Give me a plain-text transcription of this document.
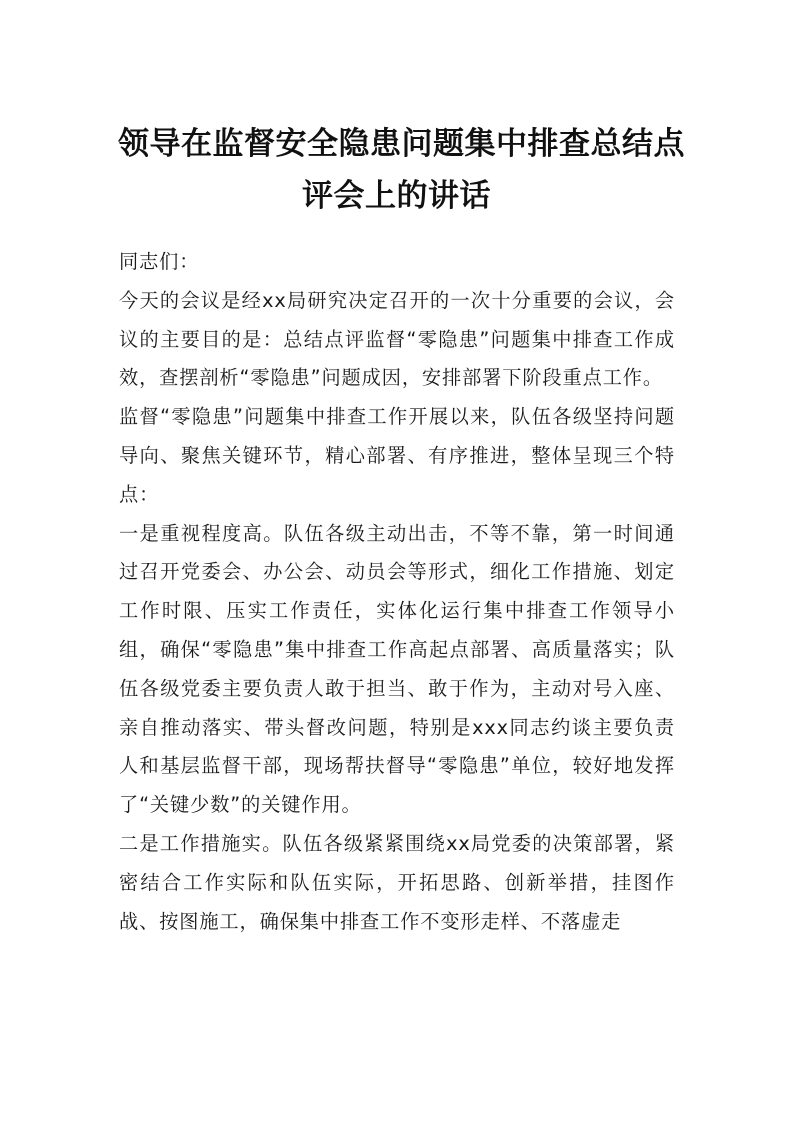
领导在监督安全隐患问题集中排查总结点
评会上的讲话

同志们：

今天的会议是经xx局研究决定召开的一次十分重要的会议，会议的主要目的是：总结点评监督“零隐患”问题集中排查工作成效，查摆剖析“零隐患”问题成因，安排部署下阶段重点工作。

监督“零隐患”问题集中排查工作开展以来，队伍各级坚持问题导向、聚焦关键环节，精心部署、有序推进，整体呈现三个特点：

一是重视程度高。队伍各级主动出击，不等不靠，第一时间通过召开党委会、办公会、动员会等形式，细化工作措施、划定工作时限、压实工作责任，实体化运行集中排查工作领导小组，确保“零隐患”集中排查工作高起点部署、高质量落实；队伍各级党委主要负责人敢于担当、敢于作为，主动对号入座、亲自推动落实、带头督改问题，特别是xxx同志约谈主要负责人和基层监督干部，现场帮扶督导“零隐患”单位，较好地发挥了“关键少数”的关键作用。

二是工作措施实。队伍各级紧紧围绕xx局党委的决策部署，紧密结合工作实际和队伍实际，开拓思路、创新举措，挂图作战、按图施工，确保集中排查工作不变形走样、不落虚走
